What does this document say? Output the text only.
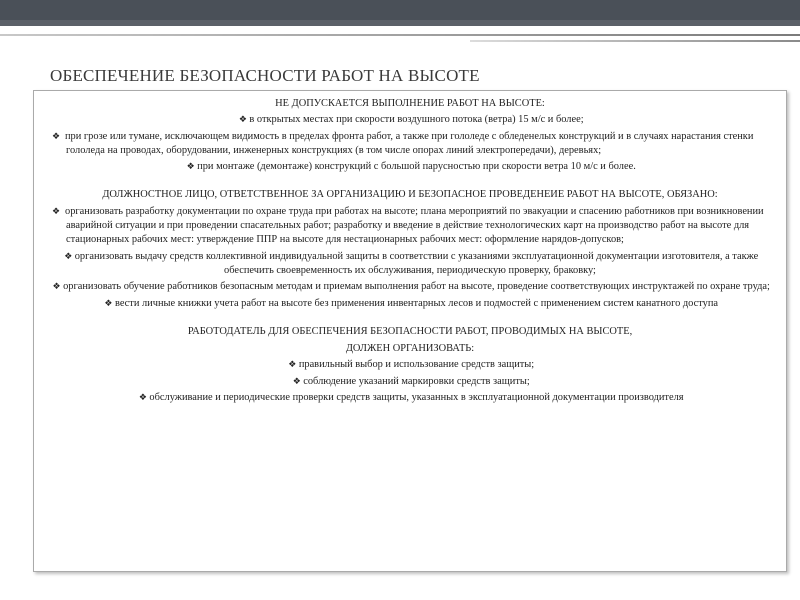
ОБЕСПЕЧЕНИЕ БЕЗОПАСНОСТИ РАБОТ НА ВЫСОТЕ
НЕ ДОПУСКАЕТСЯ ВЫПОЛНЕНИЕ РАБОТ НА ВЫСОТЕ:
❖ в открытых местах при скорости воздушного потока (ветра) 15 м/с и более;
❖ при грозе или тумане, исключающем видимость в пределах фронта работ, а также при гололеде с обледенелых конструкций и в случаях нарастания стенки гололеда на проводах, оборудовании, инженерных конструкциях (в том числе опорах линий электропередачи), деревьях;
❖ при монтаже (демонтаже) конструкций с большой парусностью при скорости ветра 10 м/с и более.
ДОЛЖНОСТНОЕ ЛИЦО, ОТВЕТСТВЕННОЕ ЗА ОРГАНИЗАЦИЮ И БЕЗОПАСНОЕ ПРОВЕДЕНЕИЕ РАБОТ НА ВЫСОТЕ, ОБЯЗАНО:
❖ организовать разработку документации по охране труда при работах на высоте; плана мероприятий по эвакуации и спасению работников при возникновении аварийной ситуации и при проведении спасательных работ; разработку и введение в действие технологических карт на производство работ на высоте для стационарных рабочих мест: утверждение ППР на высоте для нестационарных рабочих мест: оформление нарядов-допусков;
❖ организовать выдачу средств коллективной индивидуальной защиты в соответствии с указаниями эксплуатационной документации изготовителя, а также обеспечить своевременность их обслуживания, периодическую проверку, браковку;
❖ организовать обучение работников безопасным методам и приемам выполнения работ на высоте, проведение соответствующих инструктажей по охране труда;
❖ вести личные книжки учета работ на высоте без применения инвентарных лесов и подмостей с применением систем канатного доступа
РАБОТОДАТЕЛЬ ДЛЯ ОБЕСПЕЧЕНИЯ БЕЗОПАСНОСТИ РАБОТ, ПРОВОДИМЫХ НА ВЫСОТЕ,
ДОЛЖЕН ОРГАНИЗОВАТЬ:
❖ правильный выбор и использование средств защиты;
❖ соблюдение указаний маркировки средств защиты;
❖ обслуживание и периодические проверки средств защиты, указанных в эксплуатационной документации производителя
